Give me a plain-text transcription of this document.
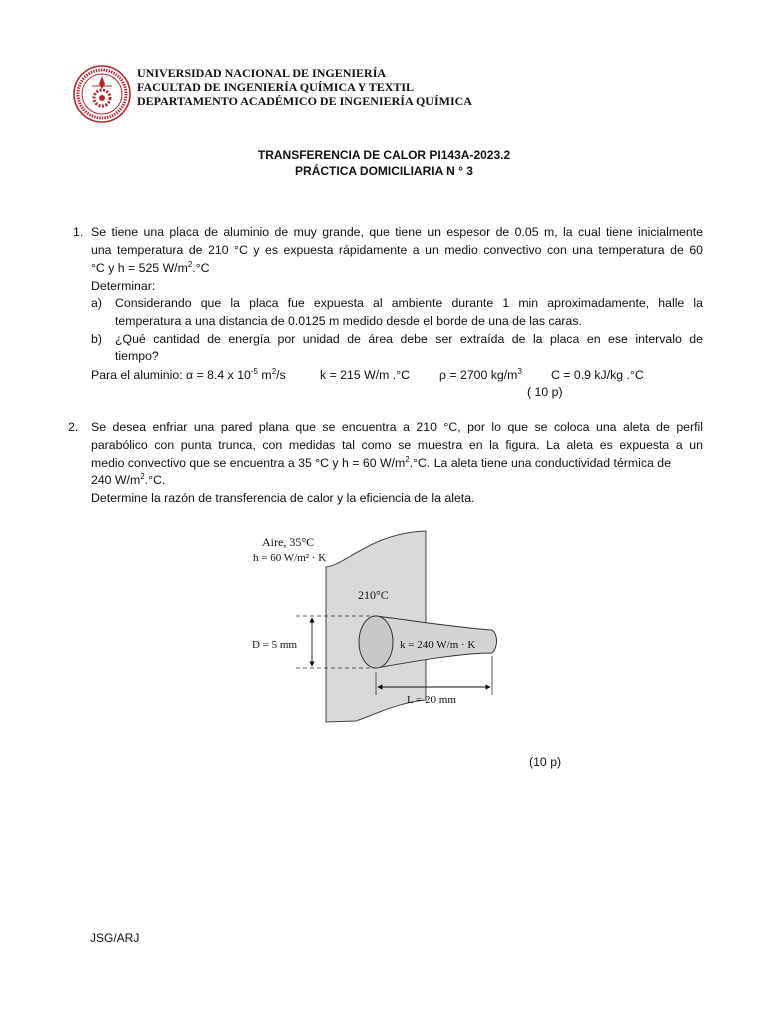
UNIVERSIDAD NACIONAL DE INGENIERÍA
FACULTAD DE INGENIERÍA QUÍMICA Y TEXTIL
DEPARTAMENTO ACADÉMICO DE INGENIERÍA QUÍMICA
TRANSFERENCIA DE CALOR PI143A-2023.2
PRÁCTICA DOMICILIARIA N ° 3
1. Se tiene una placa de aluminio de muy grande, que tiene un espesor de 0.05 m, la cual tiene inicialmente
una temperatura de 210 °C y es expuesta rápidamente a un medio convectivo con una temperatura de 60
°C y h = 525 $W/m^2.^\circ C$
Determinar:
a) Considerando que la placa fue expuesta al ambiente durante 1 min aproximadamente, halle la
temperatura a una distancia de 0.0125 m medido desde el borde de una de las caras.
b) ¿Qué cantidad de energía por unidad de área debe ser extraída de la placa en ese intervalo de
tiempo?
Para el aluminio: α = 8.4 x $10^{-5}$ $m^2/s$	k = 215 W/m .°C ρ = 2700 $kg/m^3$ C = 0.9 kJ/kg .°C
( 10 p)
2. Se desea enfriar una pared plana que se encuentra a 210 °C, por lo que se coloca una aleta de perfil
parabólico con punta trunca, con medidas tal como se muestra en la figura. La aleta es expuesta a un
medio convectivo que se encuentra a 35 °C y h = 60 $W/m^2.^\circ C$. La aleta tiene una conductividad térmica de
240 $W/m^2.^\circ C$.
Determine la razón de transferencia de calor y la eficiencia de la aleta.
Aire, 35°C
h = 60 W/m² · K
210°C
D = 5 mm	k = 240 W/m · K
L = 20 mm
(10 p)
JSG/ARJ
